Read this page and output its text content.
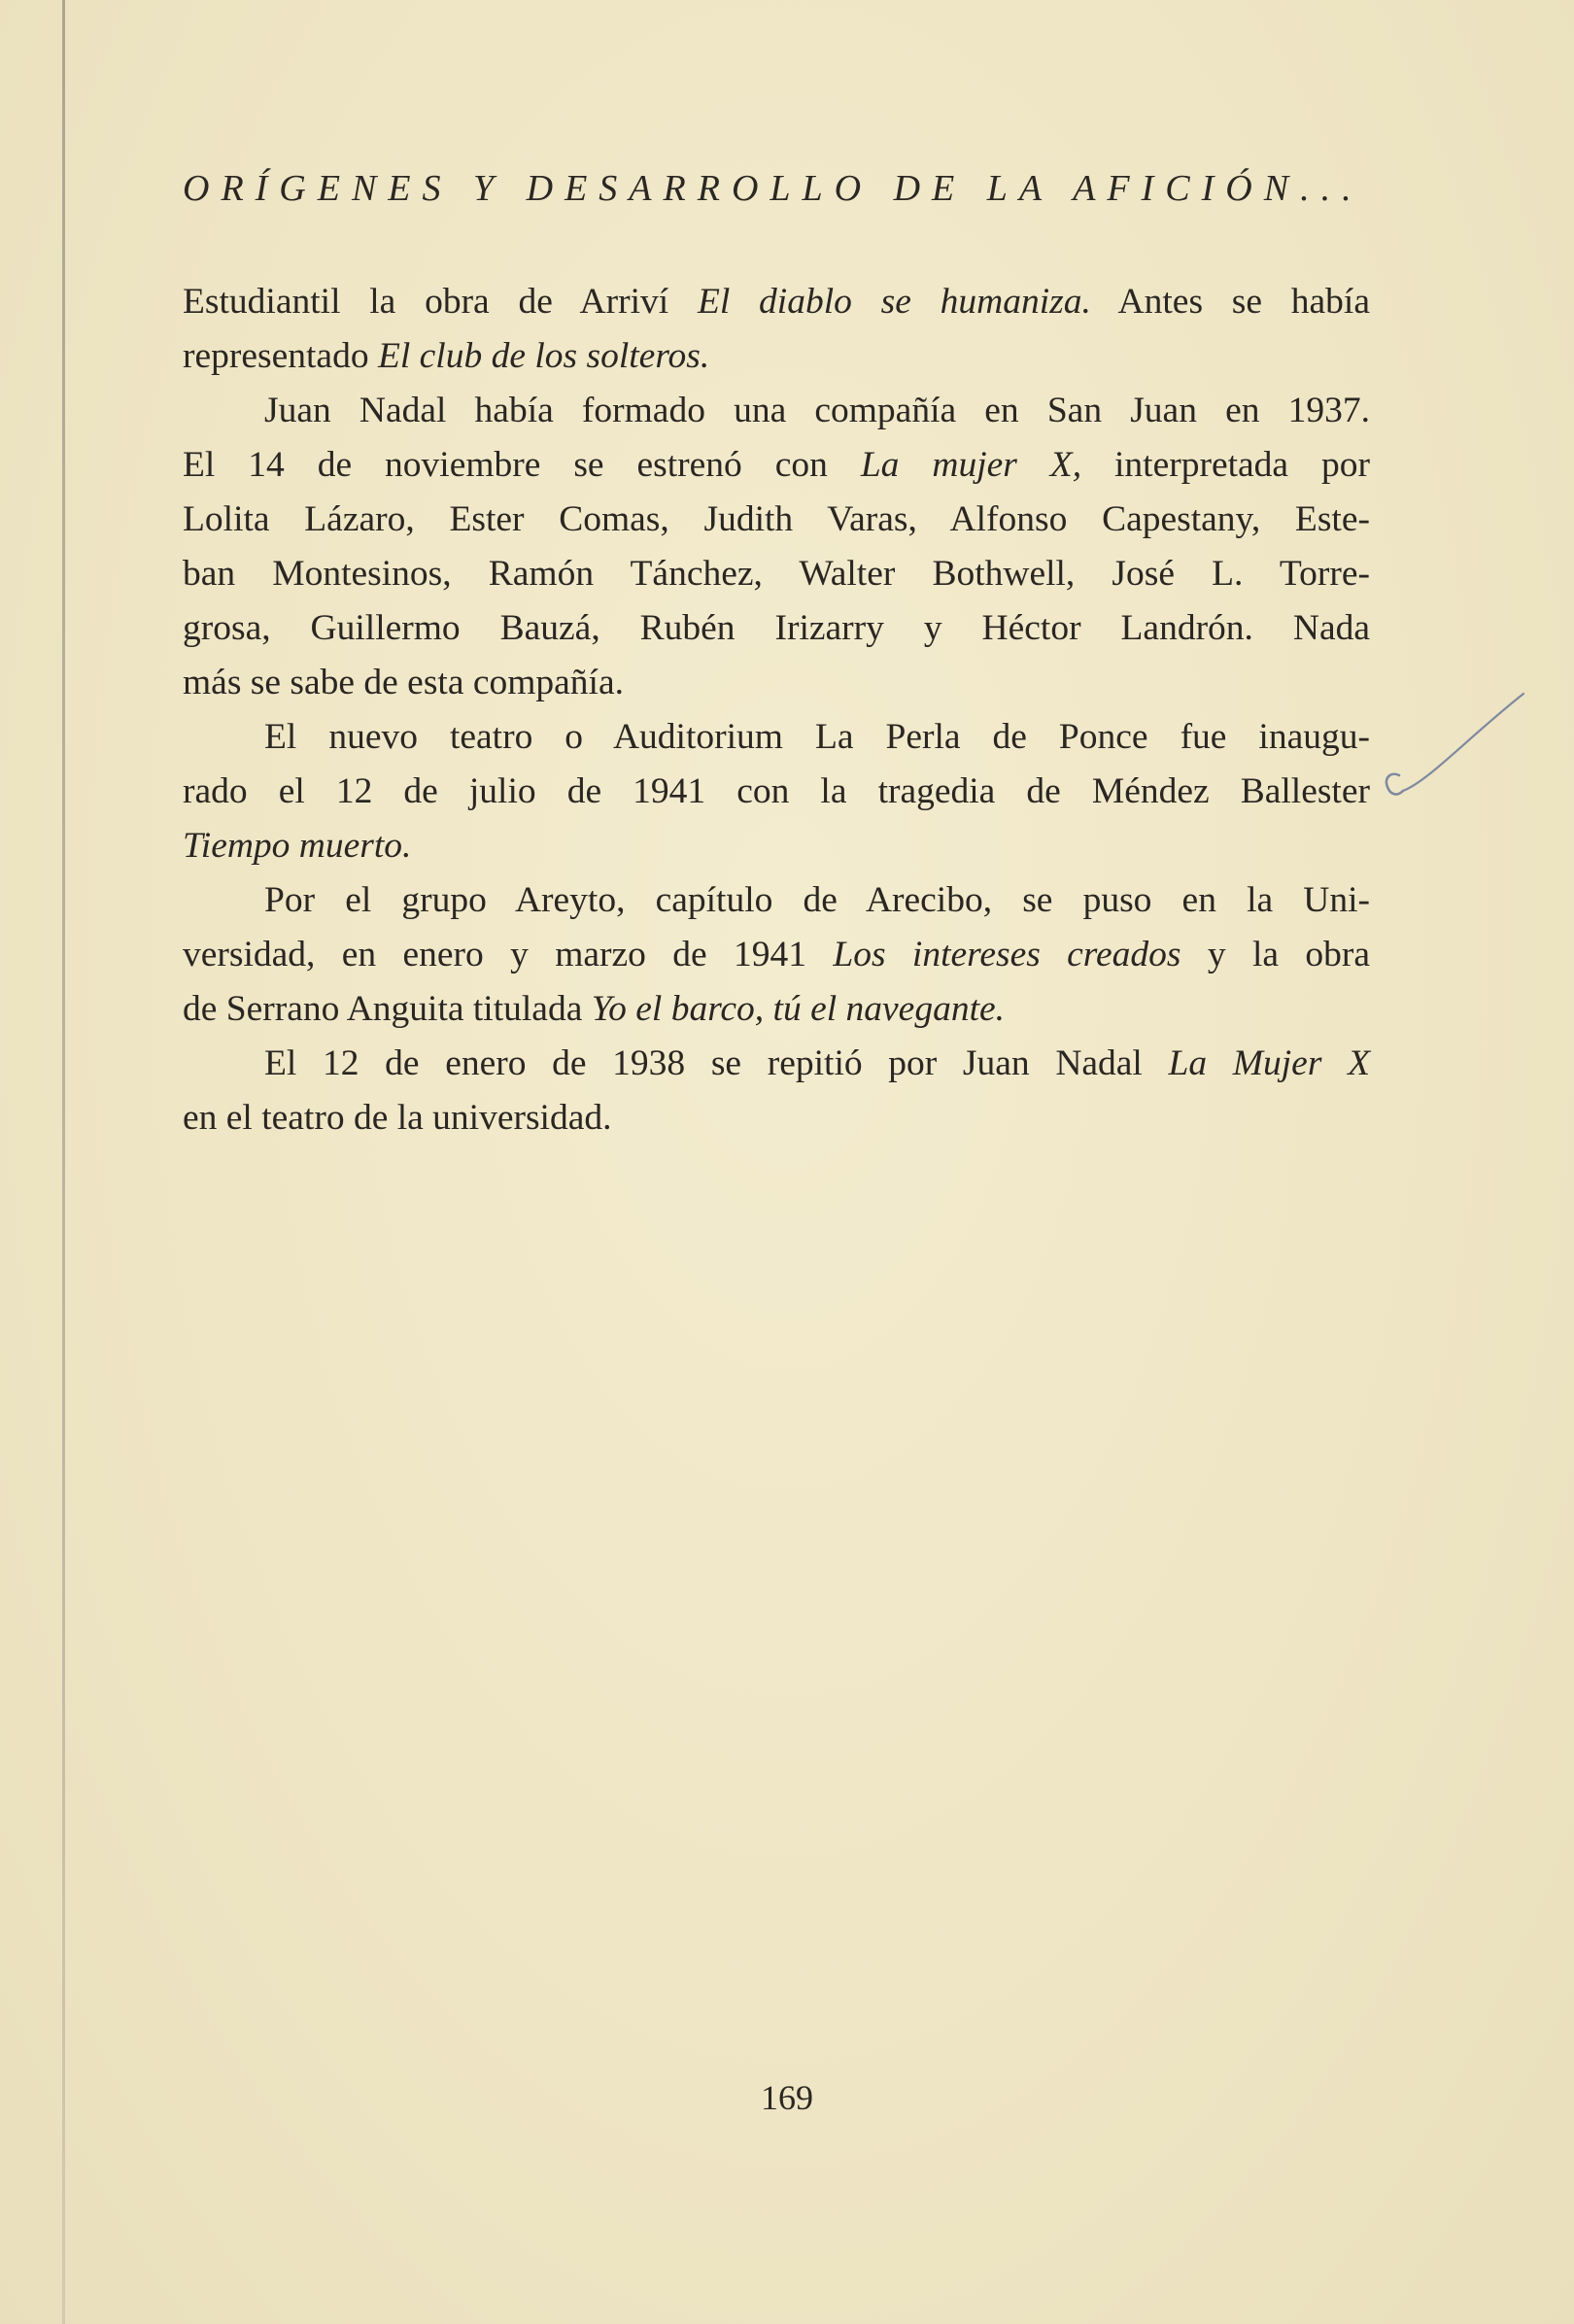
ORÍGENES Y DESARROLLO DE LA AFICIÓN...

Estudiantil la obra de Arriví El diablo se humaniza. Antes se había
representado El club de los solteros.

Juan Nadal había formado una compañía en San Juan en 1937.
El 14 de noviembre se estrenó con La mujer X, interpretada por
Lolita Lázaro, Ester Comas, Judith Varas, Alfonso Capestany, Este-
ban Montesinos, Ramón Tánchez, Walter Bothwell, José L. Torre-
grosa, Guillermo Bauzá, Rubén Irizarry y Héctor Landrón. Nada
más se sabe de esta compañía.

El nuevo teatro o Auditorium La Perla de Ponce fue inaugu-
rado el 12 de julio de 1941 con la tragedia de Méndez Ballester
Tiempo muerto.

Por el grupo Areyto, capítulo de Arecibo, se puso en la Uni-
versidad, en enero y marzo de 1941 Los intereses creados y la obra
de Serrano Anguita titulada Yo el barco, tú el navegante.

El 12 de enero de 1938 se repitió por Juan Nadal La Mujer X
en el teatro de la universidad.

169
